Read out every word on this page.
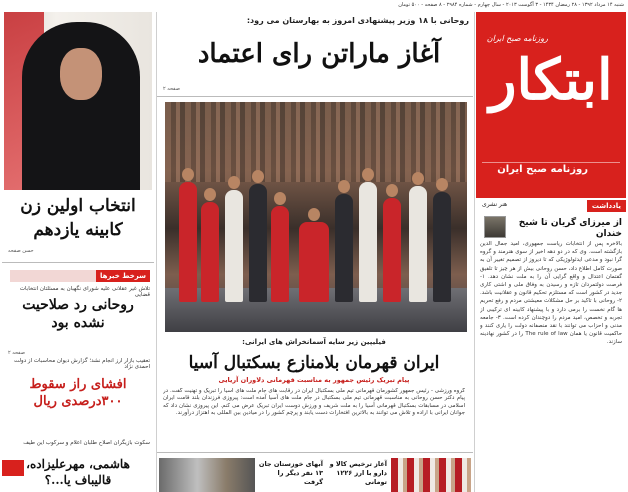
شنبه ۱۴ مرداد ۱۳۹۲ - ۲۸ رمضان ۱۴۳۴ - ۳ آگوست ۲۰۱۳ - سال چهارم - شماره ۲۹۸۴ - ۸ صفحه - ۵۰۰ تومان
روزنامه صبح ایران
ابتکار
روزنامه صبح ایران
یادداشت
هنر نشرى
از میرزای گریان تا شیخ خندان
بالاخره پس از انتخابات ریاست جمهوری، امید جمال الدین بازگشته است. وی که در دو دهه اخیر از سوی هنرمند و گروه گرا نبود و مدعی ایدئولوژیکی که تا دیروز از تصمیم تغییر آن به صورت کامل اطلاع داد، حسن روحانی بیش از هر چیز تا تلفیق گفتمان اعتدال و واقع گرایی آن را به ملت نشان دهد. ۱- فرصت دولتمردان تازه و رسیدن به وفاق ملی و اشتی کاری جدید در کشور است که مستلزم تحکیم قانون و عقلانیت باشد. ۲- روحانی با تاکید بر حل مشکلات معیشتی مردم و رفع تحریم ها گام نخست را برمی دارد و با پیشنهاد کابینه ای ترکیبی از تجربه و تخصص، امید مردم را دوچندان کرده است. ۳- جامعه مدنی و احزاب می توانند با نقد منصفانه دولت را یاری کنند و حاکمیت قانون یا همان The rule of law را در کشور نهادینه سازند.
روحانی با ۱۸ وزیر پیشنهادی امروز به بهارستان می رود:
آغاز ماراتن رای اعتماد
صفحه ۲
فیلیپین زیر سایه آسمانخراش های ایرانی:
ایران قهرمان بلامنازع بسکتبال آسیا
پیام تبریک رئیس جمهور به مناسبت قهرمانی دلاوران آریایی
گروه ورزشی - رئیس جمهور کشورمان قهرمانی تیم ملی بسکتبال ایران در رقابت های جام ملت های آسیا را تبریک و تهنیت گفت. در پیام دکتر حسن روحانی به مناسبت قهرمانی تیم ملی بسکتبال در جام ملت های آسیا آمده است: پیروزی فرزندان بلند قامت ایران اسلامی در مسابقات بسکتبال قهرمانی آسیا را به ملت شریف و ورزش دوست ایران تبریک عرض می کنم. این پیروزی نشان داد که جوانان ایرانی با اراده و تلاش می توانند به بالاترین افتخارات دست یابند و پرچم کشور را در میادین بین المللی به اهتزاز درآورند.
آغاز ترخیص کالا و دارو با ارز ۱۲۲۶ تومانی
آبهای خوزستان جان ۱۳ نفر دیگر را گرفت
انتخاب اولین زن کابینه یازدهم
حسن صفحه
سرخط خبرها
تلاش غیر عقلانی علیه شورای نگهبان به مسئلتان انتخابات قضایی
روحانی رد صلاحیت نشده بود
صفحه ۲
تعقیب بازار ارز انجام نشد؛ گزارش دیوان محاسبات از دولت احمدی نژاد
افشای راز سقوط ۳۰۰درصدی ریال
سکوت بازیگران اصلاح طلبان اعلام و سرکوب این طیف
هاشمی، مهرعلیزاده، قالیباف یا...؟
